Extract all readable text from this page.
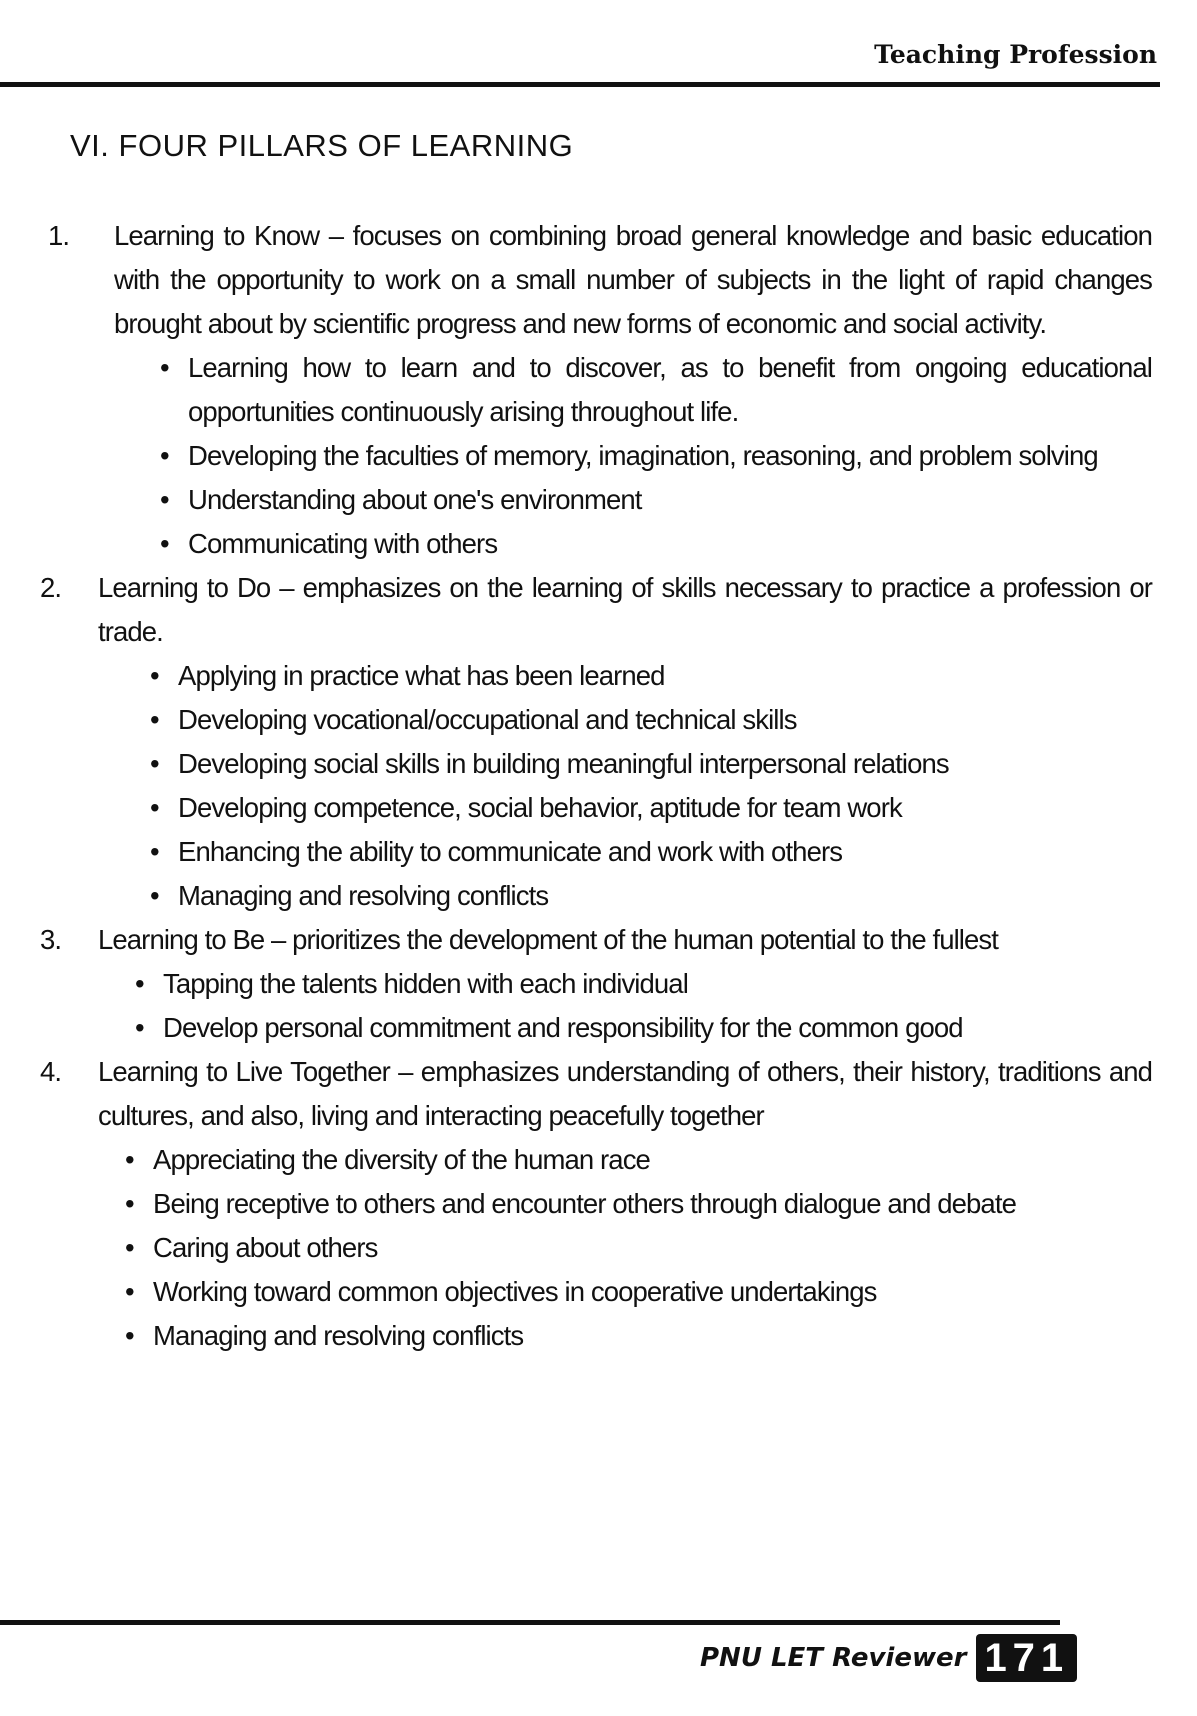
Teaching Profession
VI. FOUR PILLARS OF LEARNING
1.	Learning to Know – focuses on combining broad general knowledge and basic education with the opportunity to work on a small number of subjects in the light of rapid changes brought about by scientific progress and new forms of economic and social activity.
• Learning how to learn and to discover, as to benefit from ongoing educational opportunities continuously arising throughout life.
• Developing the faculties of memory, imagination, reasoning, and problem solving
• Understanding about one's environment
• Communicating with others
2.	Learning to Do – emphasizes on the learning of skills necessary to practice a profession or trade.
• Applying in practice what has been learned
• Developing vocational/occupational and technical skills
• Developing social skills in building meaningful interpersonal relations
• Developing competence, social behavior, aptitude for team work
• Enhancing the ability to communicate and work with others
• Managing and resolving conflicts
3.	Learning to Be – prioritizes the development of the human potential to the fullest
• Tapping the talents hidden with each individual
• Develop personal commitment and responsibility for the common good
4.	Learning to Live Together – emphasizes understanding of others, their history, traditions and cultures, and also, living and interacting peacefully together
• Appreciating the diversity of the human race
• Being receptive to others and encounter others through dialogue and debate
• Caring about others
• Working toward common objectives in cooperative undertakings
• Managing and resolving conflicts
PNU LET Reviewer 171
